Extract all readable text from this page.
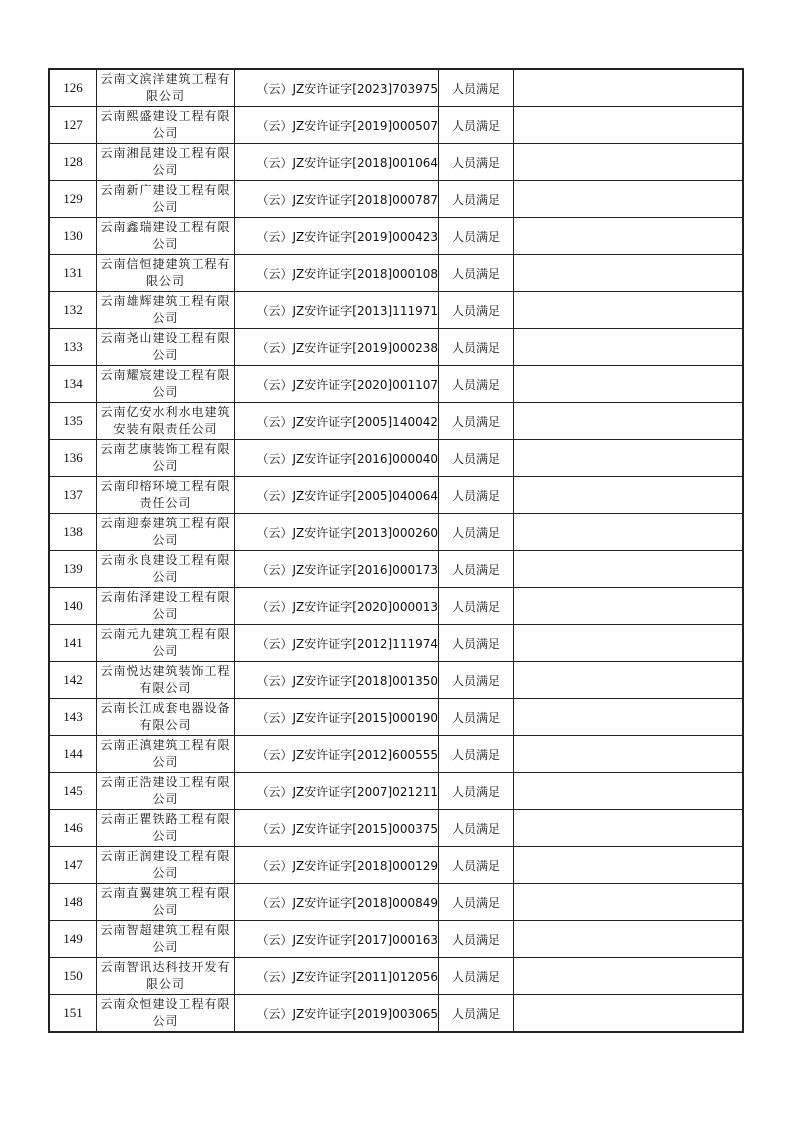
126	云南文滨洋建筑工程有限公司	（云）JZ安许证字[2023]703975	人员满足	
127	云南熙盛建设工程有限公司	（云）JZ安许证字[2019]000507	人员满足	
128	云南湘昆建设工程有限公司	（云）JZ安许证字[2018]001064	人员满足	
129	云南新广建设工程有限公司	（云）JZ安许证字[2018]000787	人员满足	
130	云南鑫瑞建设工程有限公司	（云）JZ安许证字[2019]000423	人员满足	
131	云南信恒捷建筑工程有限公司	（云）JZ安许证字[2018]000108	人员满足	
132	云南雄辉建筑工程有限公司	（云）JZ安许证字[2013]111971	人员满足	
133	云南尧山建设工程有限公司	（云）JZ安许证字[2019]000238	人员满足	
134	云南耀宸建设工程有限公司	（云）JZ安许证字[2020]001107	人员满足	
135	云南亿安水利水电建筑安装有限责任公司	（云）JZ安许证字[2005]140042	人员满足	
136	云南艺康装饰工程有限公司	（云）JZ安许证字[2016]000040	人员满足	
137	云南印榕环境工程有限责任公司	（云）JZ安许证字[2005]040064	人员满足	
138	云南迎泰建筑工程有限公司	（云）JZ安许证字[2013]000260	人员满足	
139	云南永良建设工程有限公司	（云）JZ安许证字[2016]000173	人员满足	
140	云南佑泽建设工程有限公司	（云）JZ安许证字[2020]000013	人员满足	
141	云南元九建筑工程有限公司	（云）JZ安许证字[2012]111974	人员满足	
142	云南悦达建筑装饰工程有限公司	（云）JZ安许证字[2018]001350	人员满足	
143	云南长江成套电器设备有限公司	（云）JZ安许证字[2015]000190	人员满足	
144	云南正滇建筑工程有限公司	（云）JZ安许证字[2012]600555	人员满足	
145	云南正浩建设工程有限公司	（云）JZ安许证字[2007]021211	人员满足	
146	云南正瞿铁路工程有限公司	（云）JZ安许证字[2015]000375	人员满足	
147	云南正润建设工程有限公司	（云）JZ安许证字[2018]000129	人员满足	
148	云南直翼建筑工程有限公司	（云）JZ安许证字[2018]000849	人员满足	
149	云南智超建筑工程有限公司	（云）JZ安许证字[2017]000163	人员满足	
150	云南智讯达科技开发有限公司	（云）JZ安许证字[2011]012056	人员满足	
151	云南众恒建设工程有限公司	（云）JZ安许证字[2019]003065	人员满足	
